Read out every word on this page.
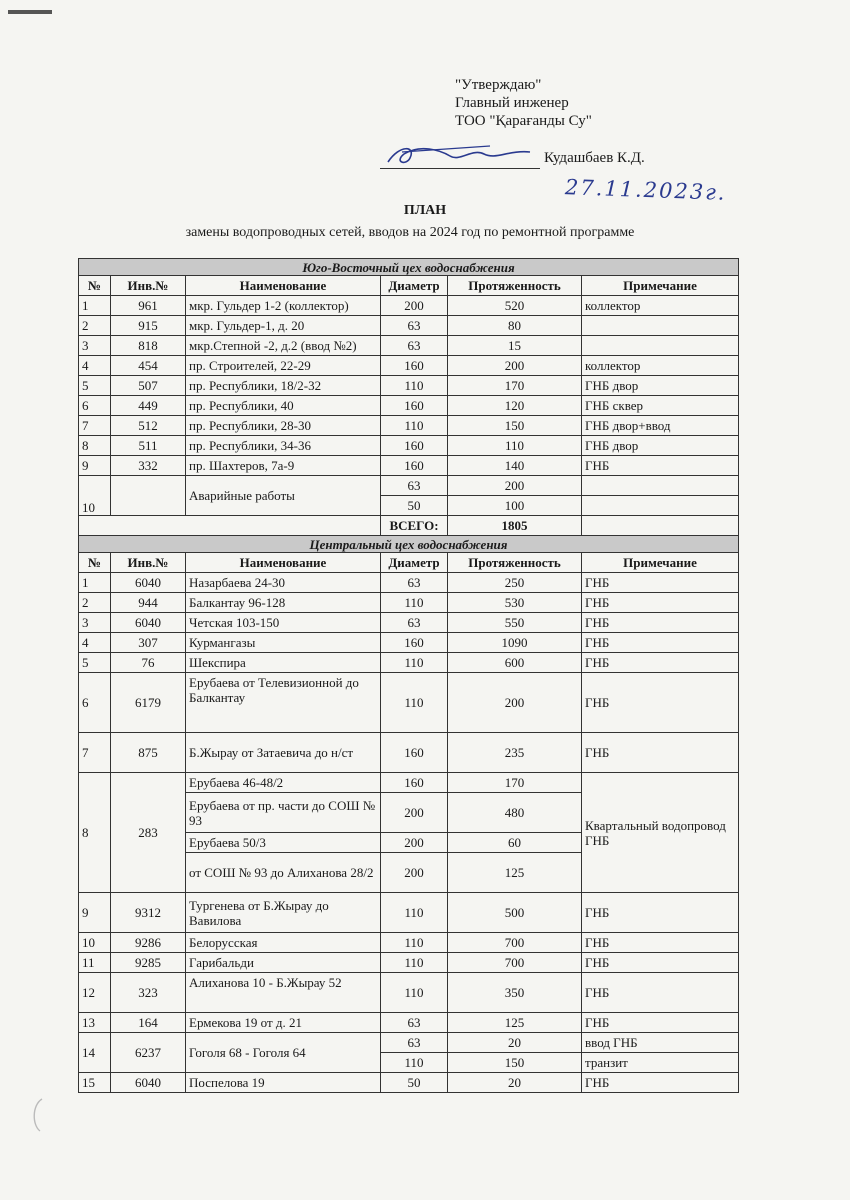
"Утверждаю"
Главный инженер
ТОО "Қарағанды Су"
Кудашбаев К.Д.
27.11.2023г.
ПЛАН
замены водопроводных сетей, вводов на 2024 год по ремонтной программе
Юго-Восточный цех водоснабжения					
№	Инв.№	Наименование	Диаметр	Протяженность	Примечание
1	961	мкр. Гульдер 1-2 (коллектор)	200	520	коллектор
2	915	мкр. Гульдер-1, д. 20	63	80	
3	818	мкр.Степной -2, д.2 (ввод №2)	63	15	
4	454	пр. Строителей, 22-29	160	200	коллектор
5	507	пр. Республики, 18/2-32	110	170	ГНБ двор
6	449	пр. Республики, 40	160	120	ГНБ сквер
7	512	пр. Республики, 28-30	110	150	ГНБ двор+ввод
8	511	пр. Республики, 34-36	160	110	ГНБ двор
9	332	пр. Шахтеров, 7а-9	160	140	ГНБ
10		Аварийные работы	63	200	
			50	100	
			ВСЕГО:	1805	
Центральный цех водоснабжения					
№	Инв.№	Наименование	Диаметр	Протяженность	Примечание
1	6040	Назарбаева 24-30	63	250	ГНБ
2	944	Балкантау 96-128	110	530	ГНБ
3	6040	Четская 103-150	63	550	ГНБ
4	307	Курмангазы	160	1090	ГНБ
5	76	Шекспира	110	600	ГНБ
6	6179	Ерубаева от Телевизионной до Балкантау	110	200	ГНБ
7	875	Б.Жырау от Затаевича до н/ст	160	235	ГНБ
8	283	Ерубаева 46-48/2	160	170	Квартальный водопровод ГНБ
		Ерубаева от пр. части до СОШ № 93	200	480	
		Ерубаева 50/3	200	60	
		от СОШ № 93 до Алиханова 28/2	200	125	
9	9312	Тургенева от Б.Жырау до Вавилова	110	500	ГНБ
10	9286	Белорусская	110	700	ГНБ
11	9285	Гарибальди	110	700	ГНБ
12	323	Алиханова 10 - Б.Жырау 52	110	350	ГНБ
13	164	Ермекова 19 от д. 21	63	125	ГНБ
14	6237	Гоголя 68 - Гоголя 64	63	20	ввод ГНБ
			110	150	транзит
15	6040	Поспелова 19	50	20	ГНБ
